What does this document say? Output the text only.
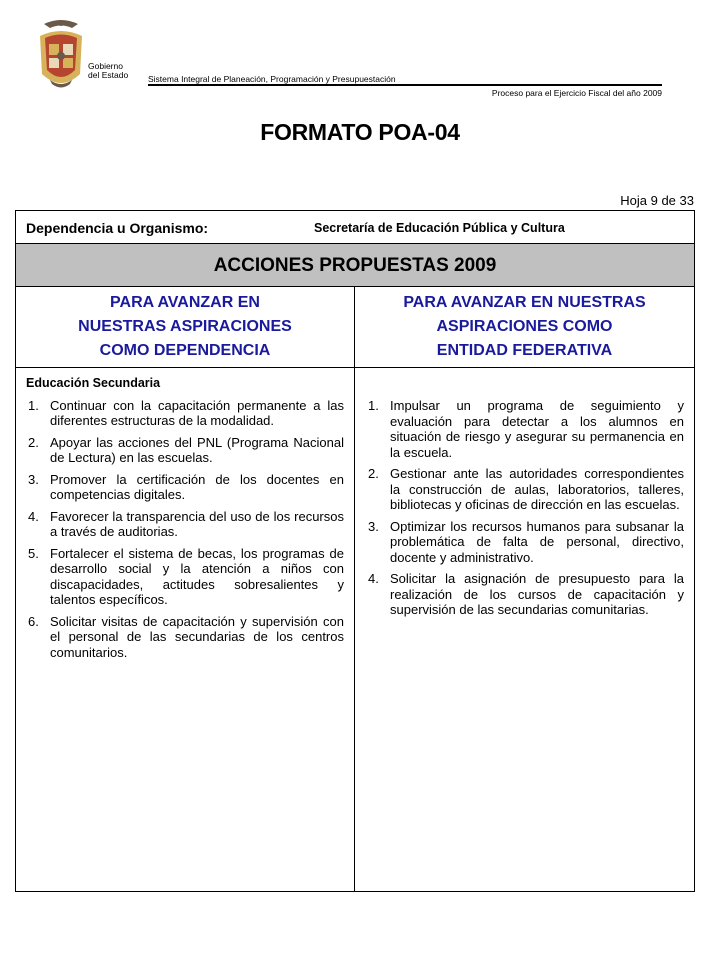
Gobierno
del Estado Sistema Integral de Planeación, Programación y Presupuestación
Proceso para el Ejercicio Fiscal del año 2009
FORMATO POA-04
Hoja 9 de 33
Dependencia u Organismo:	Secretaría de Educación Pública y Cultura
ACCIONES PROPUESTAS 2009
PARA AVANZAR EN
NUESTRAS ASPIRACIONES
COMO DEPENDENCIA
PARA AVANZAR EN NUESTRAS
ASPIRACIONES COMO
ENTIDAD FEDERATIVA
Educación Secundaria
1. Continuar con la capacitación permanente a las diferentes estructuras de la modalidad.
2. Apoyar las acciones del PNL (Programa Nacional de Lectura) en las escuelas.
3. Promover la certificación de los docentes en competencias digitales.
4. Favorecer la transparencia del uso de los recursos a través de auditorias.
5. Fortalecer el sistema de becas, los programas de desarrollo social y la atención a niños con discapacidades, actitudes sobresalientes y talentos específicos.
6. Solicitar visitas de capacitación y supervisión con el personal de las secundarias de los centros comunitarios.
1. Impulsar un programa de seguimiento y evaluación para detectar a los alumnos en situación de riesgo y asegurar su permanencia en la escuela.
2. Gestionar ante las autoridades correspondientes la construcción de aulas, laboratorios, talleres, bibliotecas y oficinas de dirección en las escuelas.
3. Optimizar los recursos humanos para subsanar la problemática de falta de personal, directivo, docente y administrativo.
4. Solicitar la asignación de presupuesto para la realización de los cursos de capacitación y supervisión de las secundarias comunitarias.
